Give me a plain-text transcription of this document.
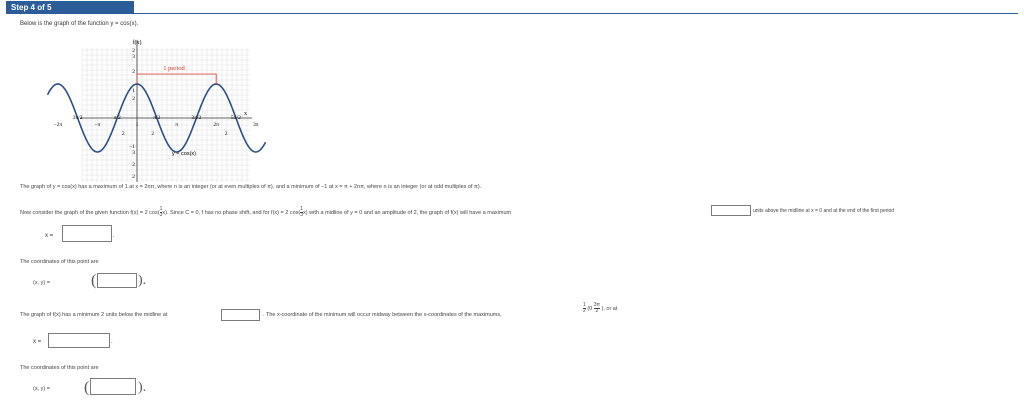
Step 4 of 5
Below is the graph of the function y = cos(x).
f(x)
1 period
x
y = cos(x)
2
3
2
1
2
−1
3
2
2
−2π
3π/2
−π
π/2
1
π/2
π
3π/2
2π
5π/2
3π
2	2	2
The graph of y = cos(x) has a maximum of 1 at x = 2nπ, where n is an integer (or at even multiples of π), and a minimum of −1 at x = π + 2nπ, where n is an integer (or at odd multiples of π).
Now consider the graph of the given function f(x) = 2 $\cos( \frac{1}{3} x)$. Since C = 0, f has no phase shift, and for f(x) = 2 $\cos( \frac{1}{3} x)$ with a midline of y = 0 and an amplitude of 2, the graph of f(x) will have a maximum	units above the midline at x = 0 and at the end of the first period
x =	.
The coordinates of this point are
(x, y) =	(	).
The graph of f(x) has a minimum 2 units below the midline at	. The x-coordinate of the minimum will occur midway between the x-coordinates of the maximums,
$\frac{1}{2} (0 \frac{3\pi}{2}$ ), or at
x =	.
The coordinates of this point are
(x, y) = (	).
